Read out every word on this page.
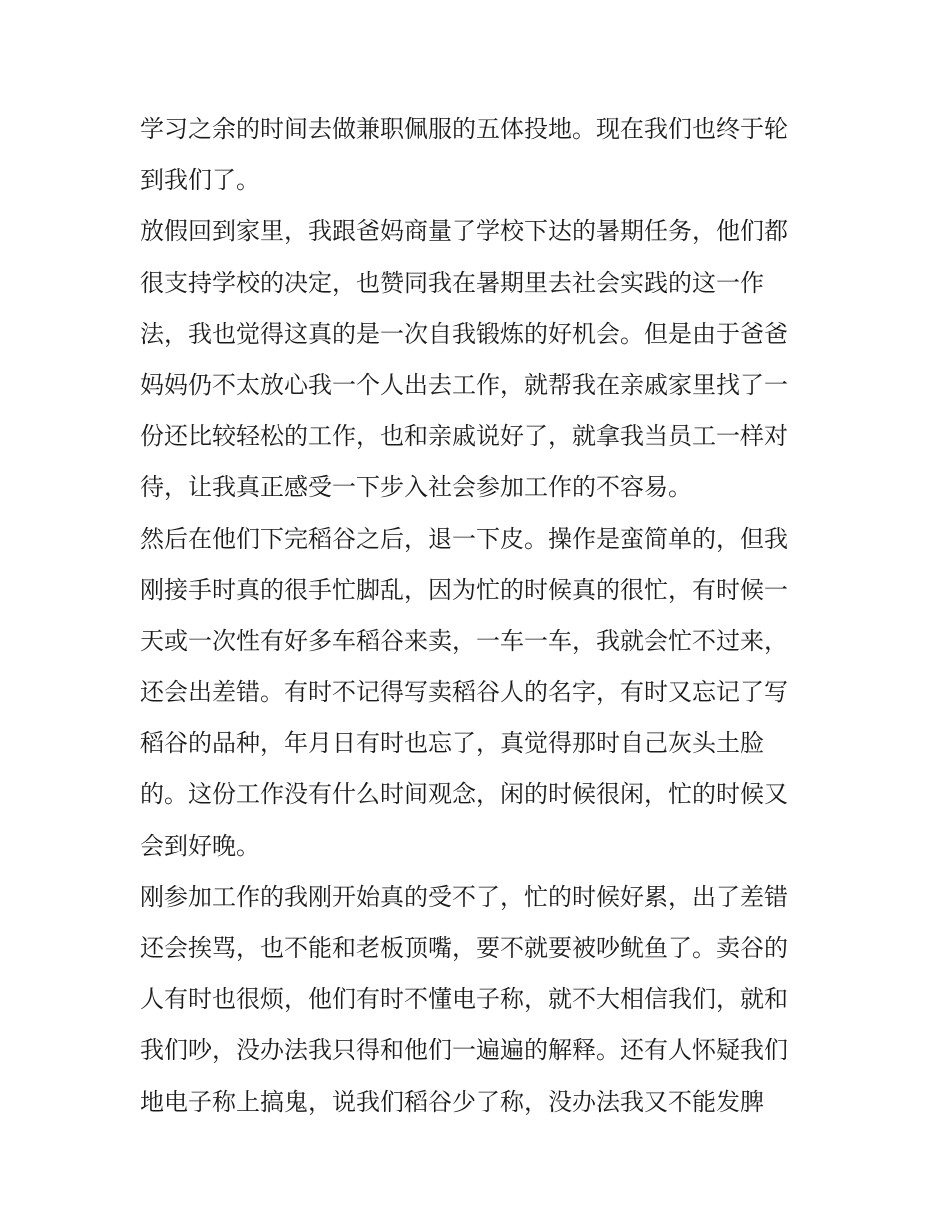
学习之余的时间去做兼职佩服的五体投地。现在我们也终于轮
到我们了。
放假回到家里，我跟爸妈商量了学校下达的暑期任务，他们都
很支持学校的决定，也赞同我在暑期里去社会实践的这一作
法，我也觉得这真的是一次自我锻炼的好机会。但是由于爸爸
妈妈仍不太放心我一个人出去工作，就帮我在亲戚家里找了一
份还比较轻松的工作，也和亲戚说好了，就拿我当员工一样对
待，让我真正感受一下步入社会参加工作的不容易。
然后在他们下完稻谷之后，退一下皮。操作是蛮简单的，但我
刚接手时真的很手忙脚乱，因为忙的时候真的很忙，有时候一
天或一次性有好多车稻谷来卖，一车一车，我就会忙不过来，
还会出差错。有时不记得写卖稻谷人的名字，有时又忘记了写
稻谷的品种，年月日有时也忘了，真觉得那时自己灰头土脸
的。这份工作没有什么时间观念，闲的时候很闲，忙的时候又
会到好晚。
刚参加工作的我刚开始真的受不了，忙的时候好累，出了差错
还会挨骂，也不能和老板顶嘴，要不就要被吵鱿鱼了。卖谷的
人有时也很烦，他们有时不懂电子称，就不大相信我们，就和
我们吵，没办法我只得和他们一遍遍的解释。还有人怀疑我们
地电子称上搞鬼，说我们稻谷少了称，没办法我又不能发脾
